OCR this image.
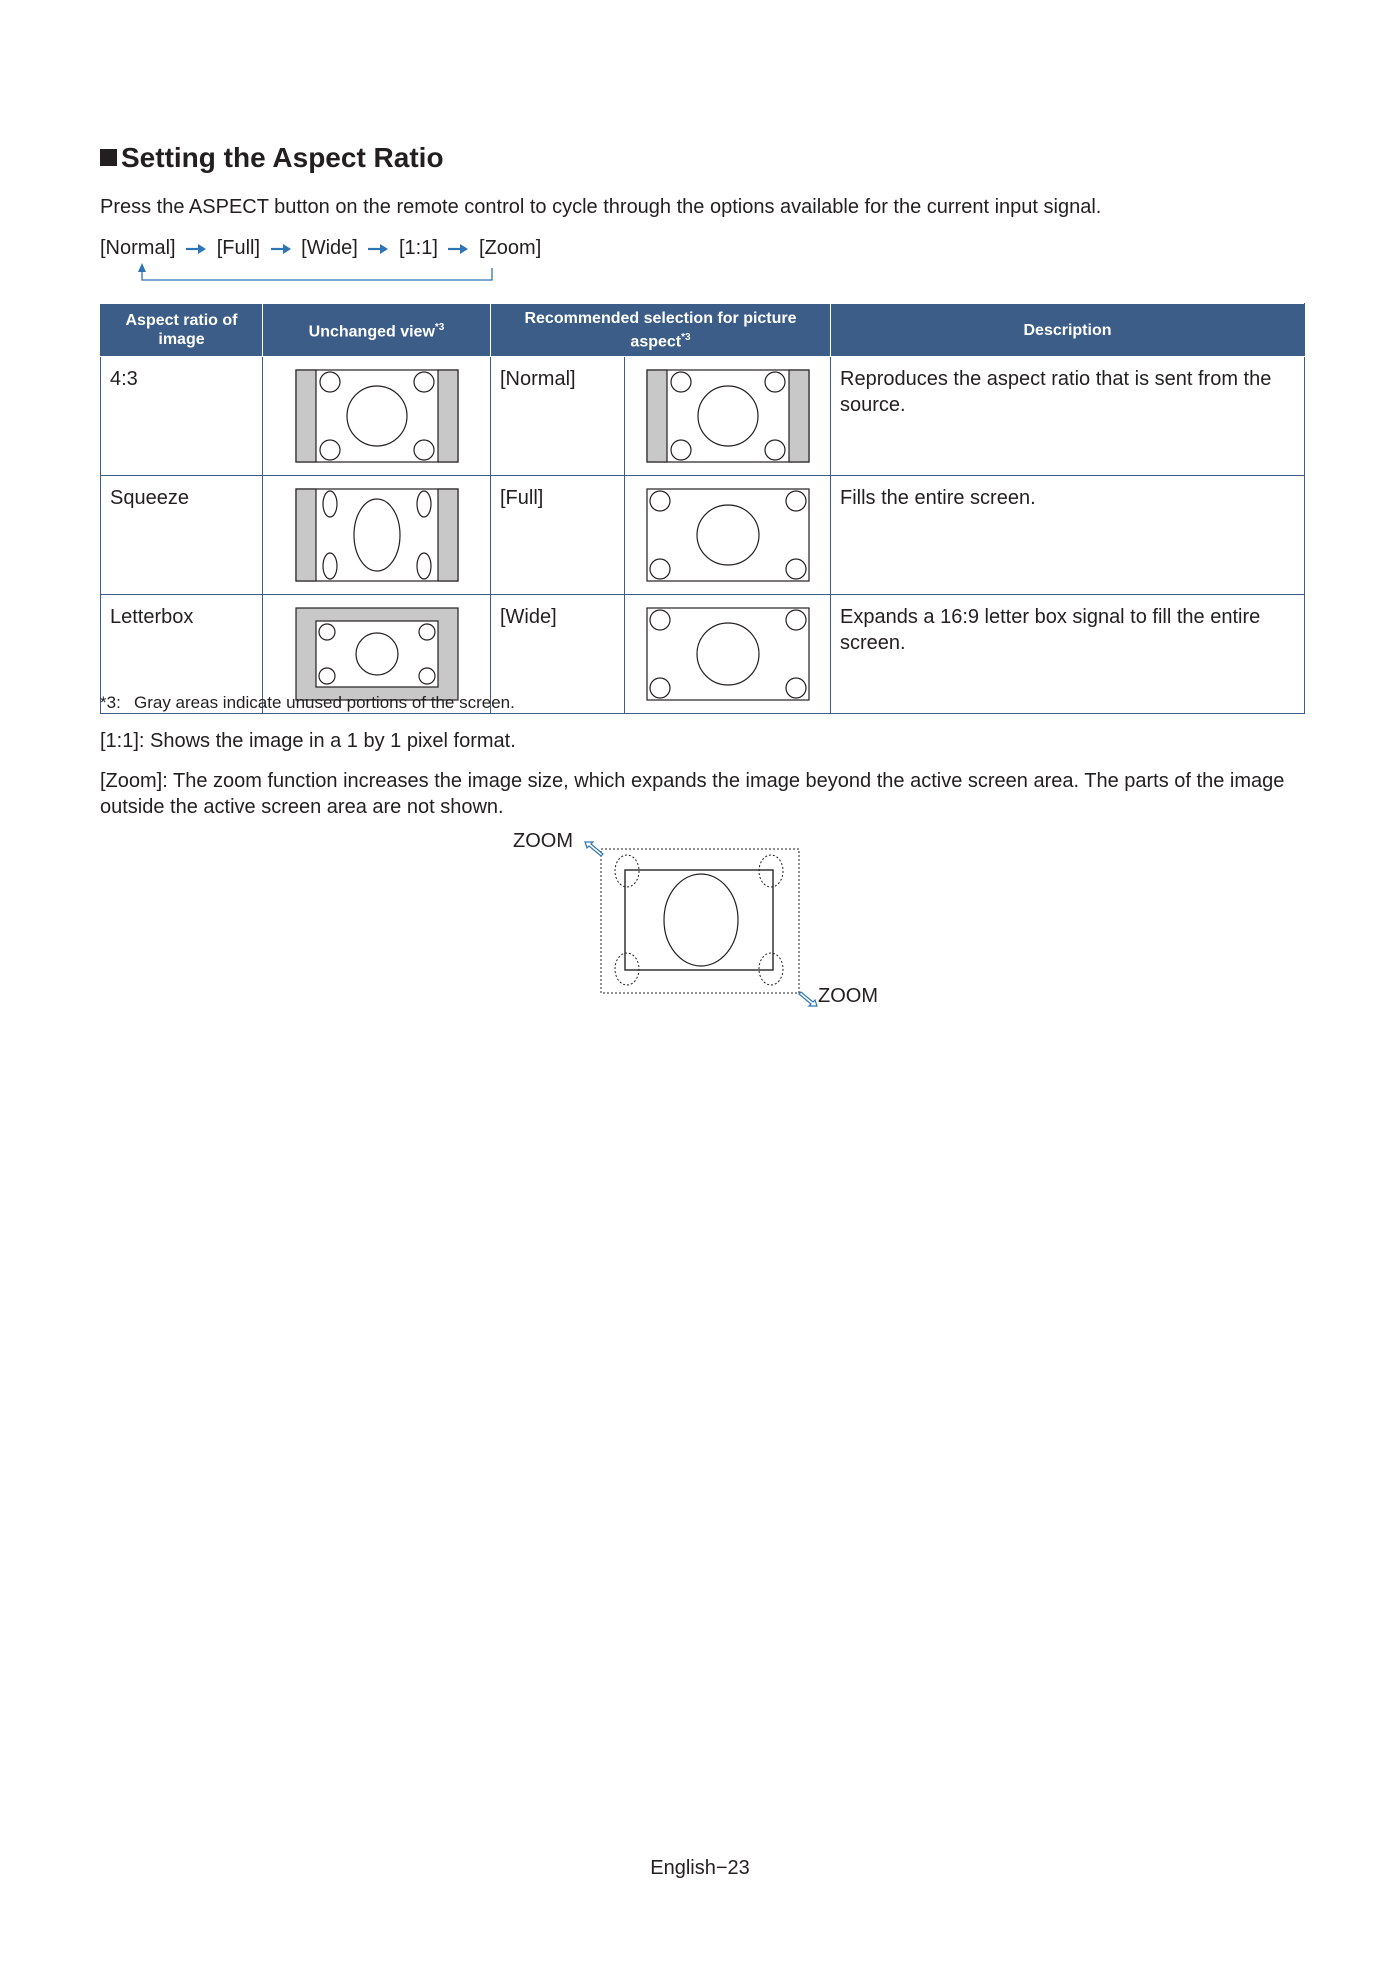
Setting the Aspect Ratio

Press the ASPECT button on the remote control to cycle through the options available for the current input signal.

[Normal] [Full] [Wide] [1:1] [Zoom]
Aspect ratio of image	Unchanged view$^{*3}$	Recommended selection for picture aspect$^{*3}$		Description
4:3		[Normal]		Reproduces the aspect ratio that is sent from the source.
Squeeze		[Full]		Fills the entire screen.
Letterbox		[Wide]		Expands a 16:9 letter box signal to fill the entire screen.

*3: Gray areas indicate unused portions of the screen.

[1:1]: Shows the image in a 1 by 1 pixel format.

[Zoom]: The zoom function increases the image size, which expands the image beyond the active screen area. The parts of the image outside the active screen area are not shown.

ZOOM
ZOOM
English−23
